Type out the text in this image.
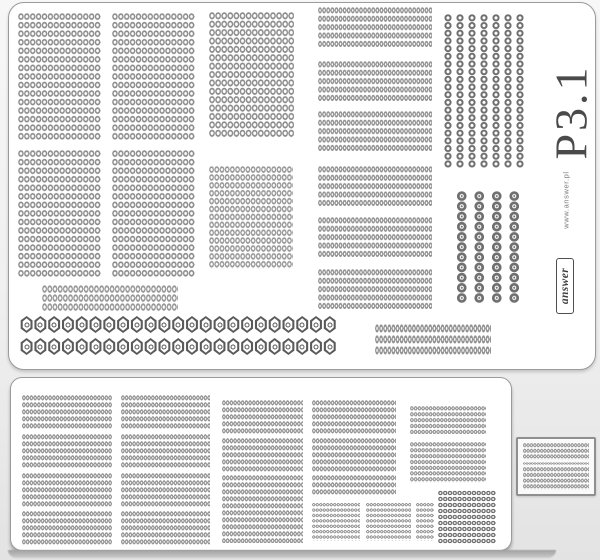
P3.1
www.answer.pl
answer
